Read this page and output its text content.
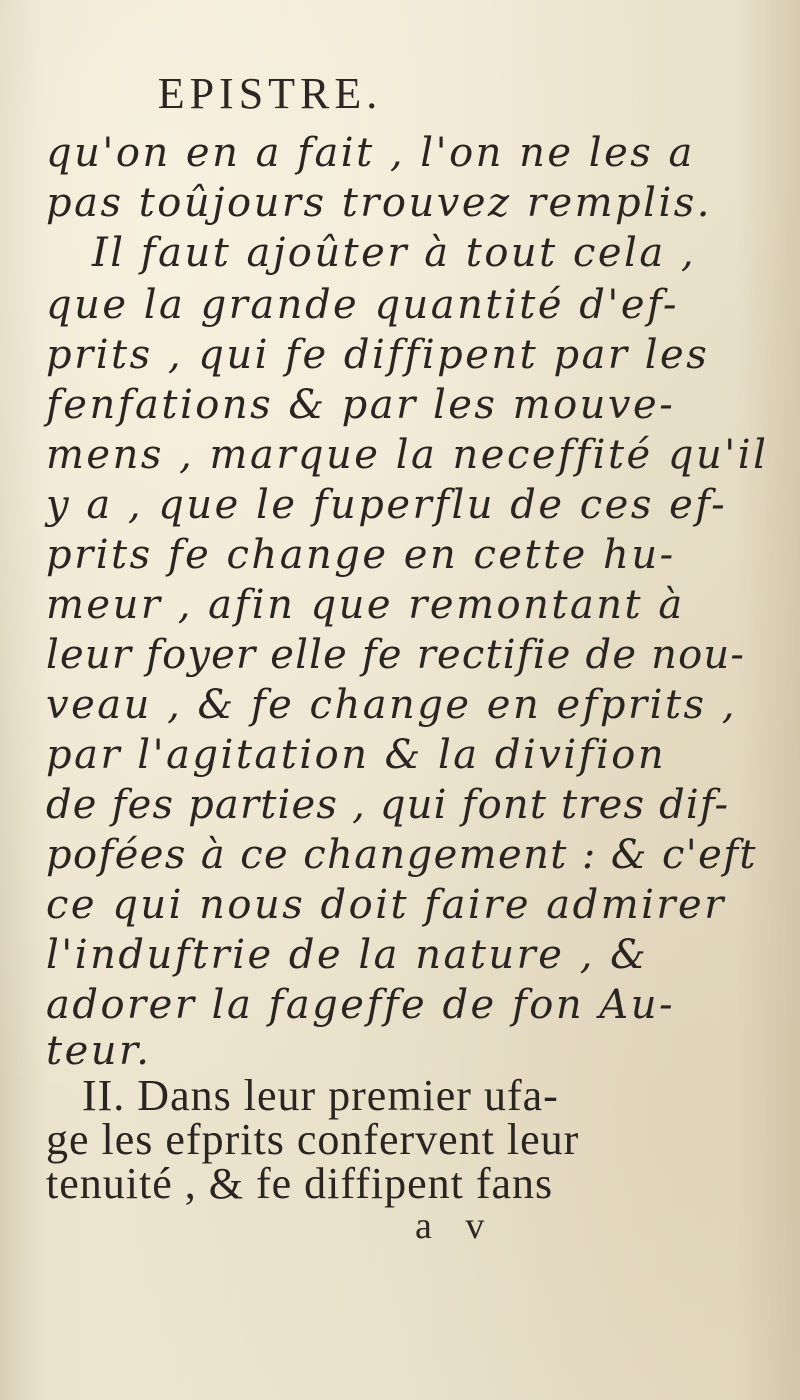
EPISTRE.
qu'on en a fait , l'on ne les a
pas toûjours trouvez remplis.
Il faut ajoûter à tout cela ,
que la grande quantité d'ef-
prits , qui fe diffipent par les
fenfations & par les mouve-
mens , marque la neceffité qu'il
y a , que le fuperflu de ces ef-
prits fe change en cette hu-
meur , afin que remontant à
leur foyer elle fe rectifie de nou-
veau , & fe change en efprits ,
par l'agitation & la divifion
de fes parties , qui font tres dif-
pofées à ce changement : & c'eft
ce qui nous doit faire admirer
l'induftrie de la nature , &
adorer la fageffe de fon Au-
teur.
II. Dans leur premier ufa-
ge les efprits confervent leur
tenuité , & fe diffipent fans
a v
